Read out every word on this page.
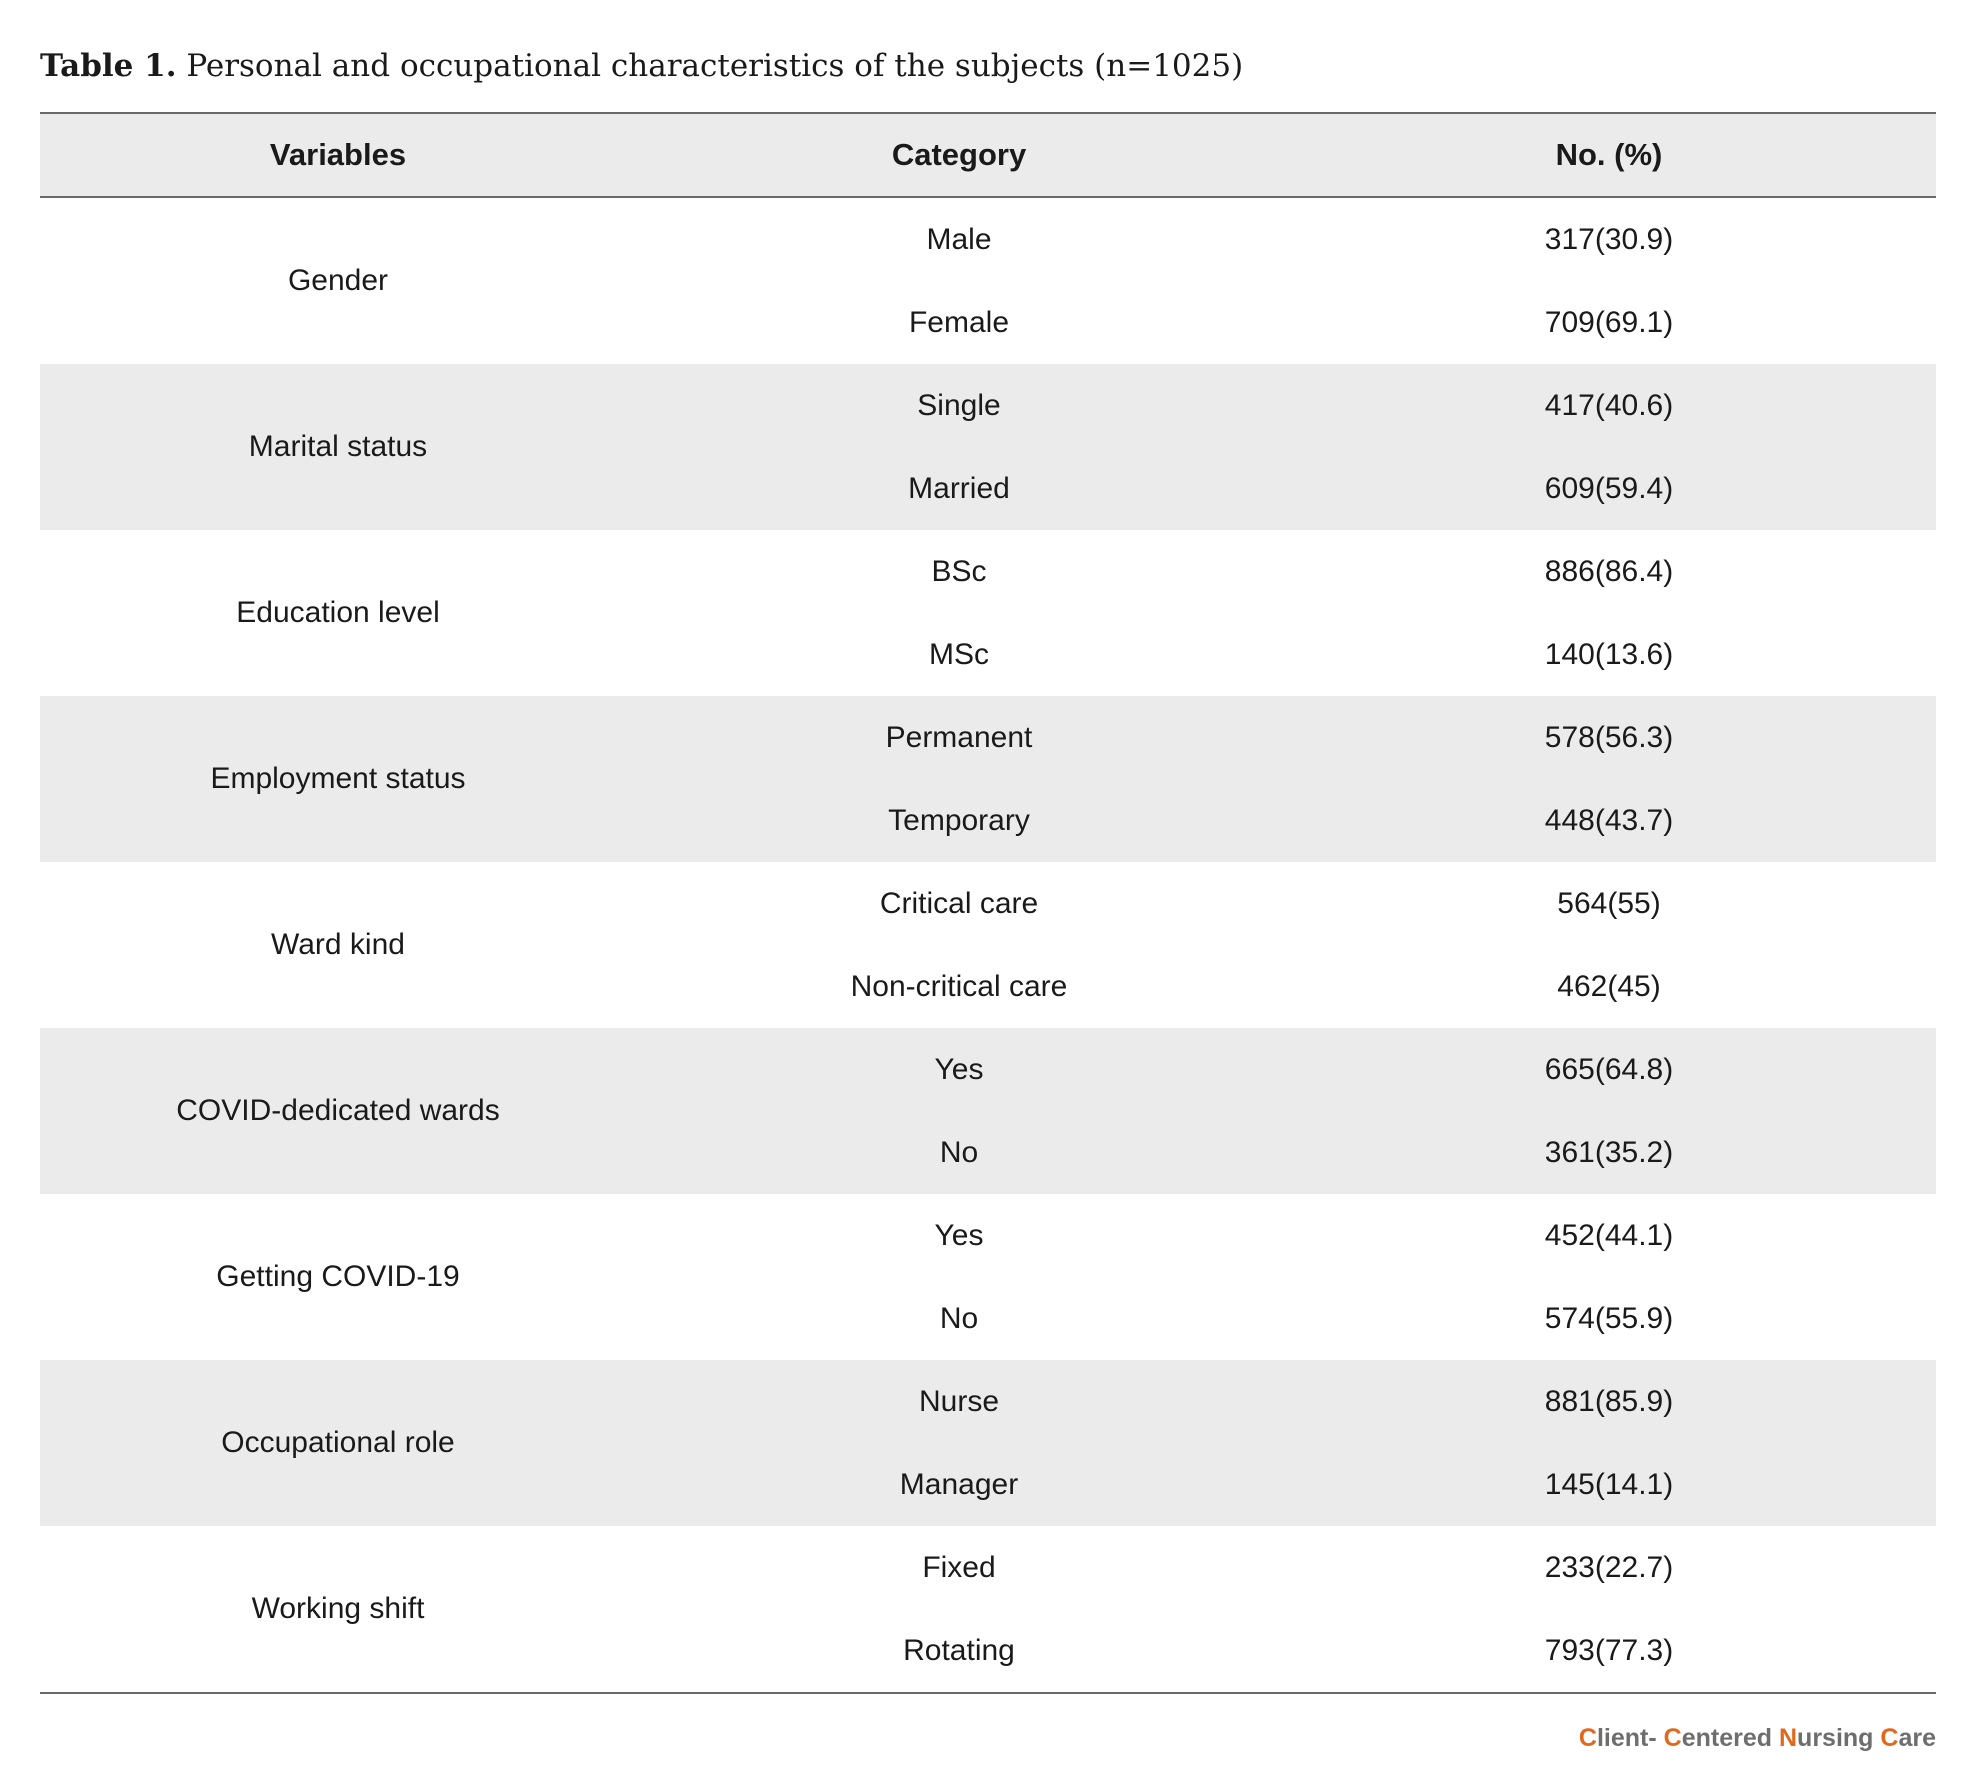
Table 1. Personal and occupational characteristics of the subjects (n=1025)
Variables	Category	No. (%)
Gender
Male
Female
317(30.9)
709(69.1)
Marital status
Single
Married
417(40.6)
609(59.4)
Education level
BSc
MSc
886(86.4)
140(13.6)
Employment status
Permanent
Temporary
578(56.3)
448(43.7)
Ward kind
Critical care
Non-critical care
564(55)
462(45)
COVID-dedicated wards
Yes
No
665(64.8)
361(35.2)
Getting COVID-19
Yes
No
452(44.1)
574(55.9)
Occupational role
Nurse
Manager
881(85.9)
145(14.1)
Working shift
Fixed
Rotating
233(22.7)
793(77.3)
Client- Centered Nursing Care
